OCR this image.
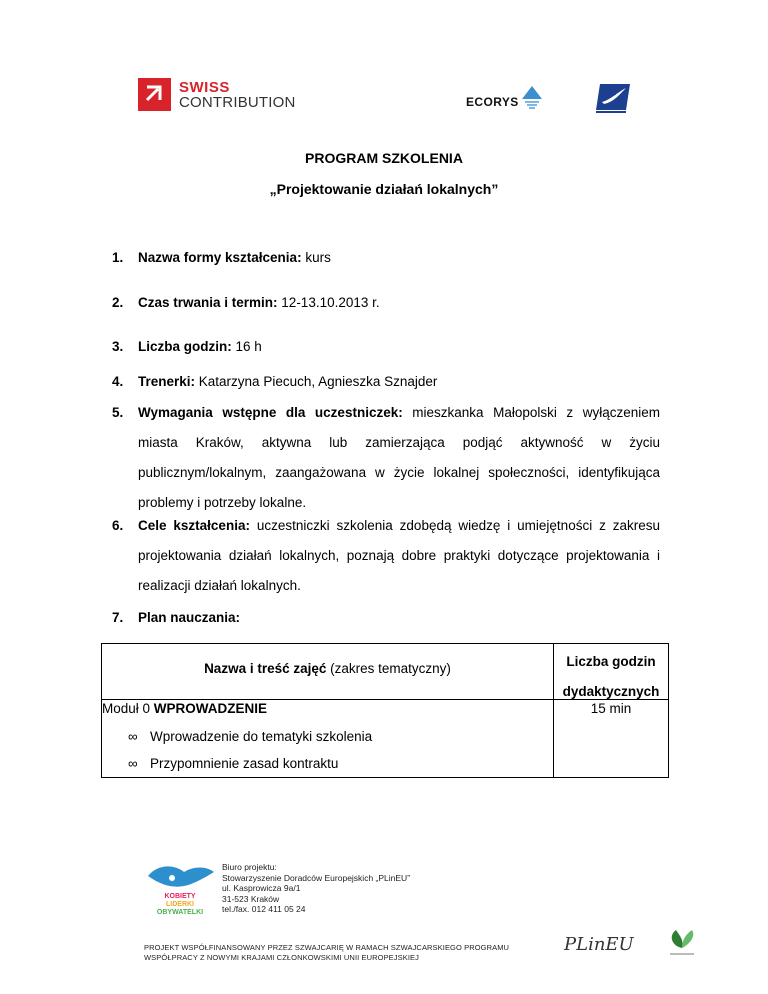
SWISS
CONTRIBUTION	ECORYS
PROGRAM SZKOLENIA
„Projektowanie działań lokalnych”
1. Nazwa formy kształcenia: kurs
2. Czas trwania i termin: 12-13.10.2013 r.
3. Liczba godzin: 16 h
4. Trenerki: Katarzyna Piecuch, Agnieszka Sznajder
5. Wymagania wstępne dla uczestniczek: mieszkanka Małopolski z wyłączeniem miasta Kraków, aktywna lub zamierzająca podjąć aktywność w życiu publicznym/lokalnym, zaangażowana w życie lokalnej społeczności, identyfikująca problemy i potrzeby lokalne.
6. Cele kształcenia: uczestniczki szkolenia zdobędą wiedzę i umiejętności z zakresu projektowania działań lokalnych, poznają dobre praktyki dotyczące projektowania i realizacji działań lokalnych.
7. Plan nauczania:
Nazwa i treść zajęć (zakres tematyczny)	Liczba godzin
dydaktycznych
Moduł 0 WPROWADZENIE	15 min
∞ Wprowadzenie do tematyki szkolenia
∞ Przypomnienie zasad kontraktu
KOBIETY
LIDERKI
OBYWATELKI
Biuro projektu:
Stowarzyszenie Doradców Europejskich „PLinEU”
ul. Kasprowicza 9a/1
31-523 Kraków
tel./fax. 012 411 05 24
PROJEKT WSPÓŁFINANSOWANY PRZEZ SZWAJCARIĘ W RAMACH SZWAJCARSKIEGO PROGRAMU
WSPÓŁPRACY Z NOWYMI KRAJAMI CZŁONKOWSKIMI UNII EUROPEJSKIEJ
PLinEU
